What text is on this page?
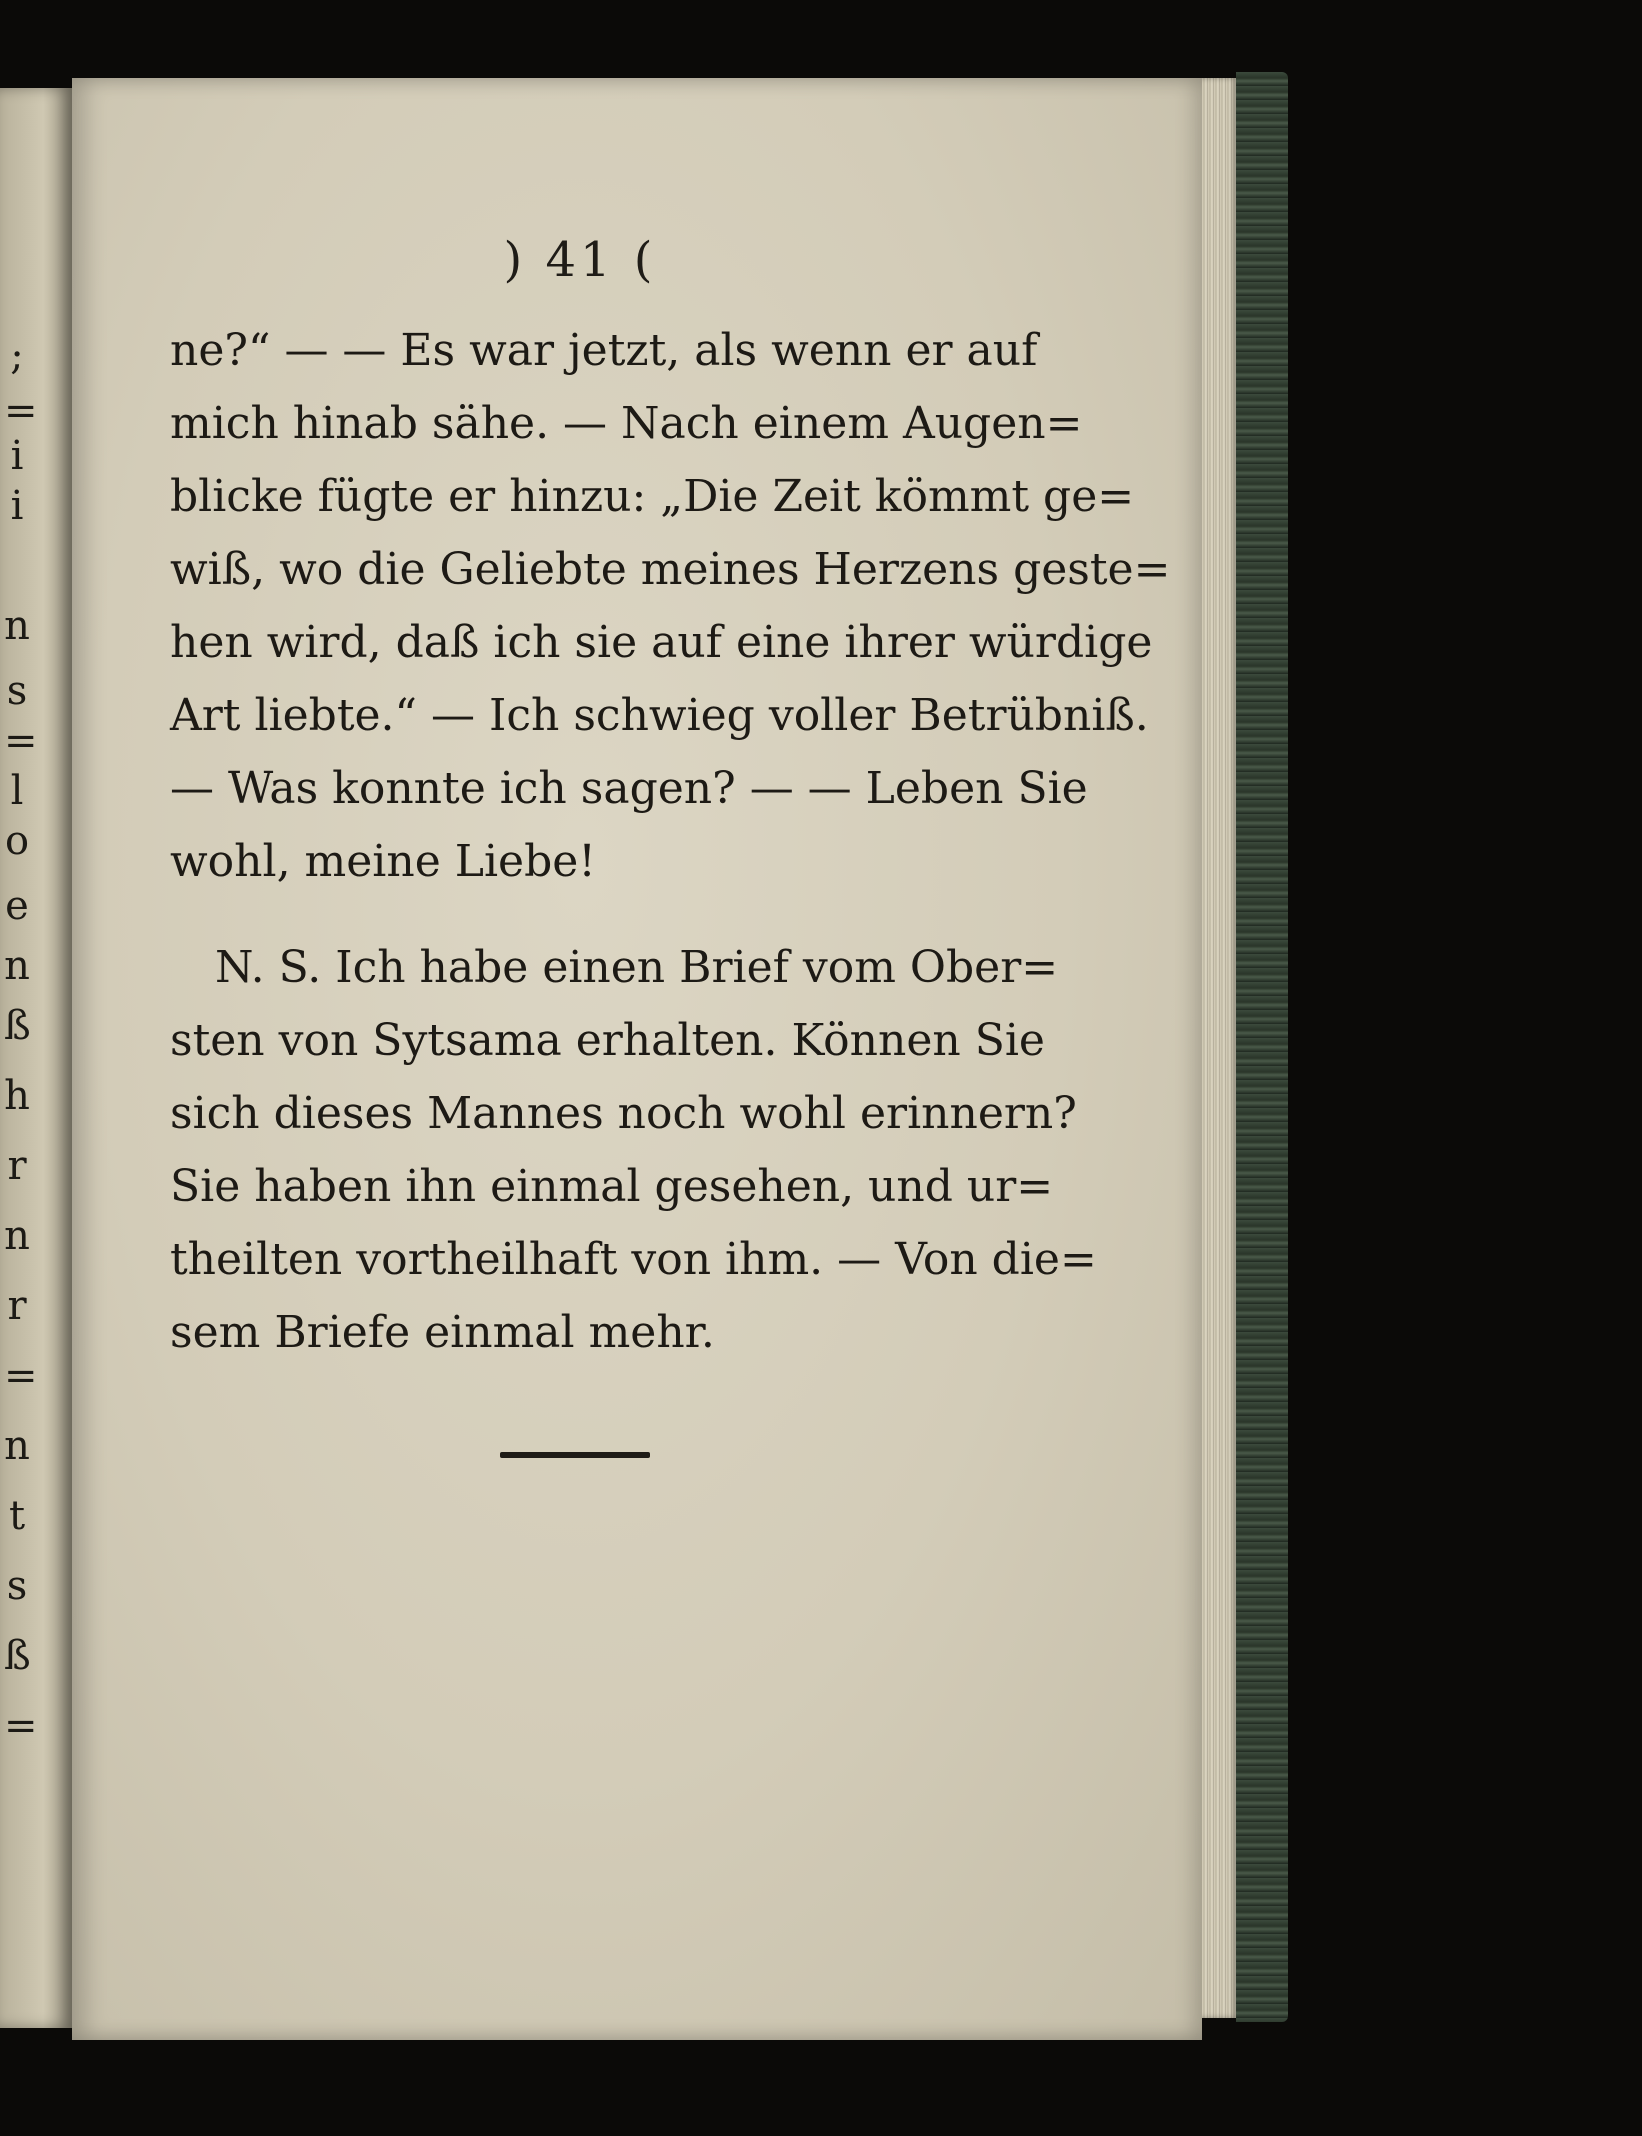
;
=
i
i
n
s
=
l
o
e
n
ß
h
r
n
r
=
n
t
s
ß
=
) 41 (
ne?“ — — Es war jetzt, als wenn er auf
mich hinab sähe. — Nach einem Augen=
blicke fügte er hinzu: „Die Zeit kömmt ge=
wiß, wo die Geliebte meines Herzens geste=
hen wird, daß ich sie auf eine ihrer würdige
Art liebte.“ — Ich schwieg voller Betrübniß.
— Was konnte ich sagen? — — Leben Sie
wohl, meine Liebe!
N. S. Ich habe einen Brief vom Ober=
sten von Sytsama erhalten. Können Sie
sich dieses Mannes noch wohl erinnern?
Sie haben ihn einmal gesehen, und ur=
theilten vortheilhaft von ihm. — Von die=
sem Briefe einmal mehr.
